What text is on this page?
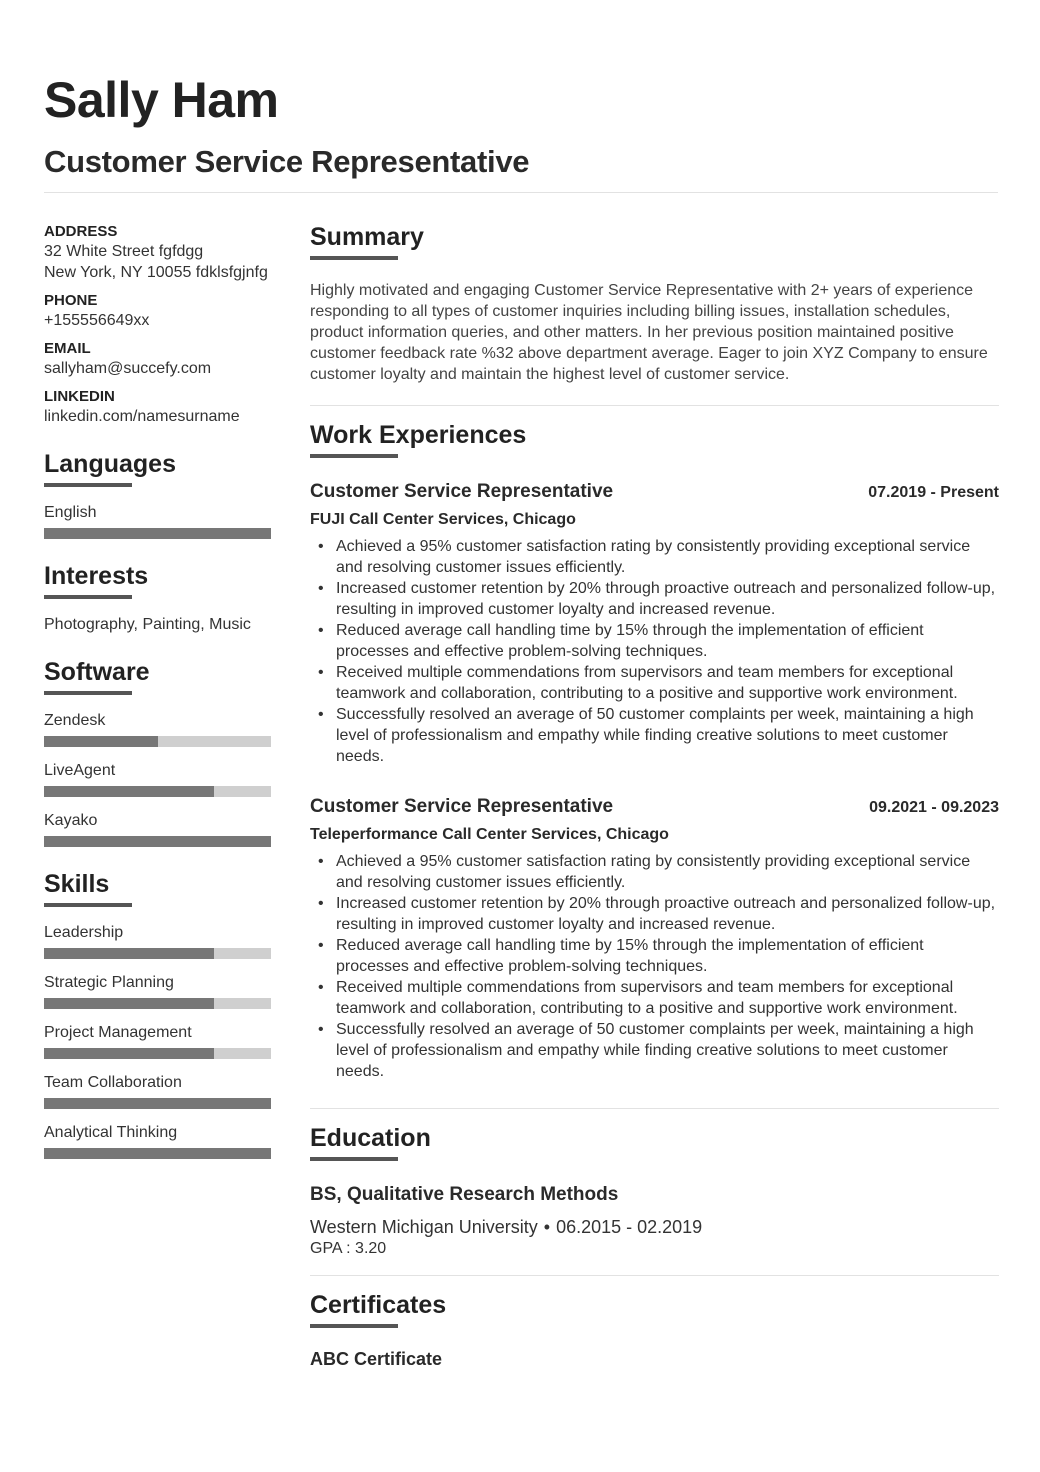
Sally Ham
Customer Service Representative
ADDRESS
32 White Street fgfdgg
New York, NY 10055 fdklsfgjnfg
PHONE
+155556649xx
EMAIL
sallyham@succefy.com
LINKEDIN
linkedin.com/namesurname
Languages
English
Interests
Photography, Painting, Music
Software
Zendesk
LiveAgent
Kayako
Skills
Leadership
Strategic Planning
Project Management
Team Collaboration
Analytical Thinking
Summary
Highly motivated and engaging Customer Service Representative with 2+ years of experience responding to all types of customer inquiries including billing issues, installation schedules, product information queries, and other matters. In her previous position maintained positive customer feedback rate %32 above department average. Eager to join XYZ Company to ensure customer loyalty and maintain the highest level of customer service.
Work Experiences
Customer Service Representative	07.2019 - Present
FUJI Call Center Services, Chicago
• Achieved a 95% customer satisfaction rating by consistently providing exceptional service and resolving customer issues efficiently.
• Increased customer retention by 20% through proactive outreach and personalized follow-up, resulting in improved customer loyalty and increased revenue.
• Reduced average call handling time by 15% through the implementation of efficient processes and effective problem-solving techniques.
• Received multiple commendations from supervisors and team members for exceptional teamwork and collaboration, contributing to a positive and supportive work environment.
• Successfully resolved an average of 50 customer complaints per week, maintaining a high level of professionalism and empathy while finding creative solutions to meet customer needs.
Customer Service Representative	09.2021 - 09.2023
Teleperformance Call Center Services, Chicago
• Achieved a 95% customer satisfaction rating by consistently providing exceptional service and resolving customer issues efficiently.
• Increased customer retention by 20% through proactive outreach and personalized follow-up, resulting in improved customer loyalty and increased revenue.
• Reduced average call handling time by 15% through the implementation of efficient processes and effective problem-solving techniques.
• Received multiple commendations from supervisors and team members for exceptional teamwork and collaboration, contributing to a positive and supportive work environment.
• Successfully resolved an average of 50 customer complaints per week, maintaining a high level of professionalism and empathy while finding creative solutions to meet customer needs.
Education
BS, Qualitative Research Methods
Western Michigan University • 06.2015 - 02.2019
GPA : 3.20
Certificates
ABC Certificate
